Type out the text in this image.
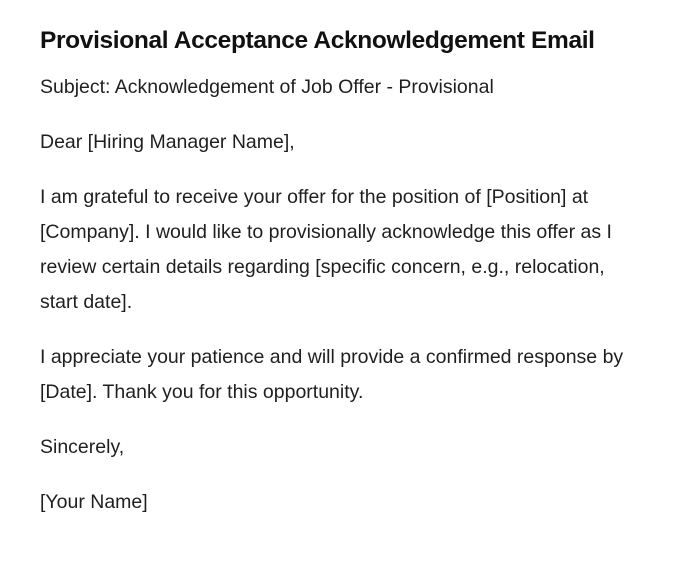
Provisional Acceptance Acknowledgement Email

Subject: Acknowledgement of Job Offer - Provisional

Dear [Hiring Manager Name],

I am grateful to receive your offer for the position of [Position] at [Company]. I would like to provisionally acknowledge this offer as I review certain details regarding [specific concern, e.g., relocation, start date].

I appreciate your patience and will provide a confirmed response by [Date]. Thank you for this opportunity.

Sincerely,

[Your Name]
